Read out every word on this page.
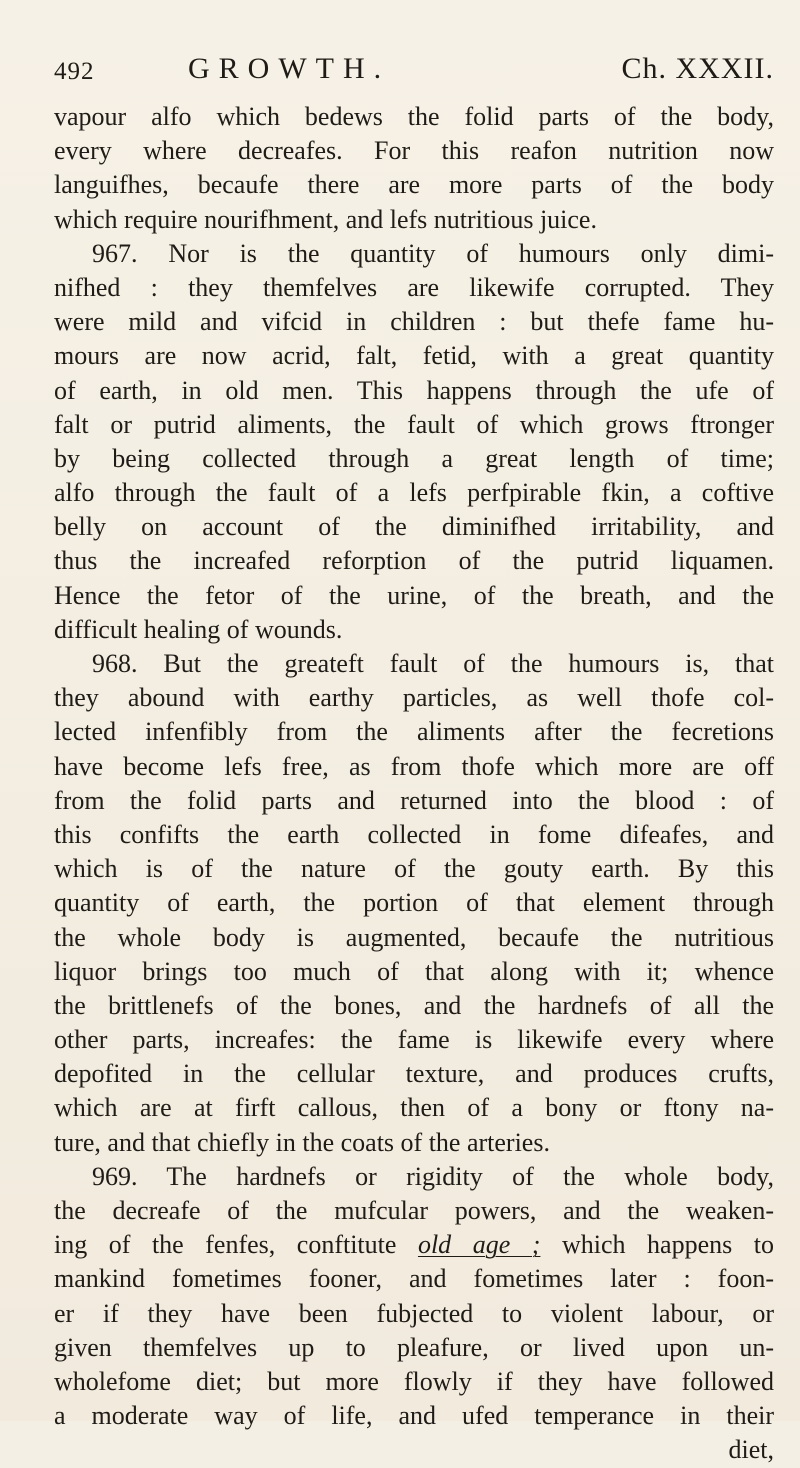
492	GROWTH.	Ch. XXXII.
vapour alfo which bedews the folid parts of the body,
every where decreafes. For this reafon nutrition now
languifhes, becaufe there are more parts of the body
which require nourifhment, and lefs nutritious juice.
967. Nor is the quantity of humours only dimi-
nifhed : they themfelves are likewife corrupted. They
were mild and vifcid in children : but thefe fame hu-
mours are now acrid, falt, fetid, with a great quantity
of earth, in old men. This happens through the ufe of
falt or putrid aliments, the fault of which grows ftronger
by being collected through a great length of time;
alfo through the fault of a lefs perfpirable fkin, a coftive
belly on account of the diminifhed irritability, and
thus the increafed reforption of the putrid liquamen.
Hence the fetor of the urine, of the breath, and the
difficult healing of wounds.
968. But the greateft fault of the humours is, that
they abound with earthy particles, as well thofe col-
lected infenfibly from the aliments after the fecretions
have become lefs free, as from thofe which more are off
from the folid parts and returned into the blood : of
this confifts the earth collected in fome difeafes, and
which is of the nature of the gouty earth. By this
quantity of earth, the portion of that element through
the whole body is augmented, becaufe the nutritious
liquor brings too much of that along with it; whence
the brittlenefs of the bones, and the hardnefs of all the
other parts, increafes: the fame is likewife every where
depofited in the cellular texture, and produces crufts,
which are at firft callous, then of a bony or ftony na-
ture, and that chiefly in the coats of the arteries.
969. The hardnefs or rigidity of the whole body,
the decreafe of the mufcular powers, and the weaken-
ing of the fenfes, conftitute old age ; which happens to
mankind fometimes fooner, and fometimes later : foon-
er if they have been fubjected to violent labour, or
given themfelves up to pleafure, or lived upon un-
wholefome diet; but more flowly if they have followed
a moderate way of life, and ufed temperance in their
diet,
